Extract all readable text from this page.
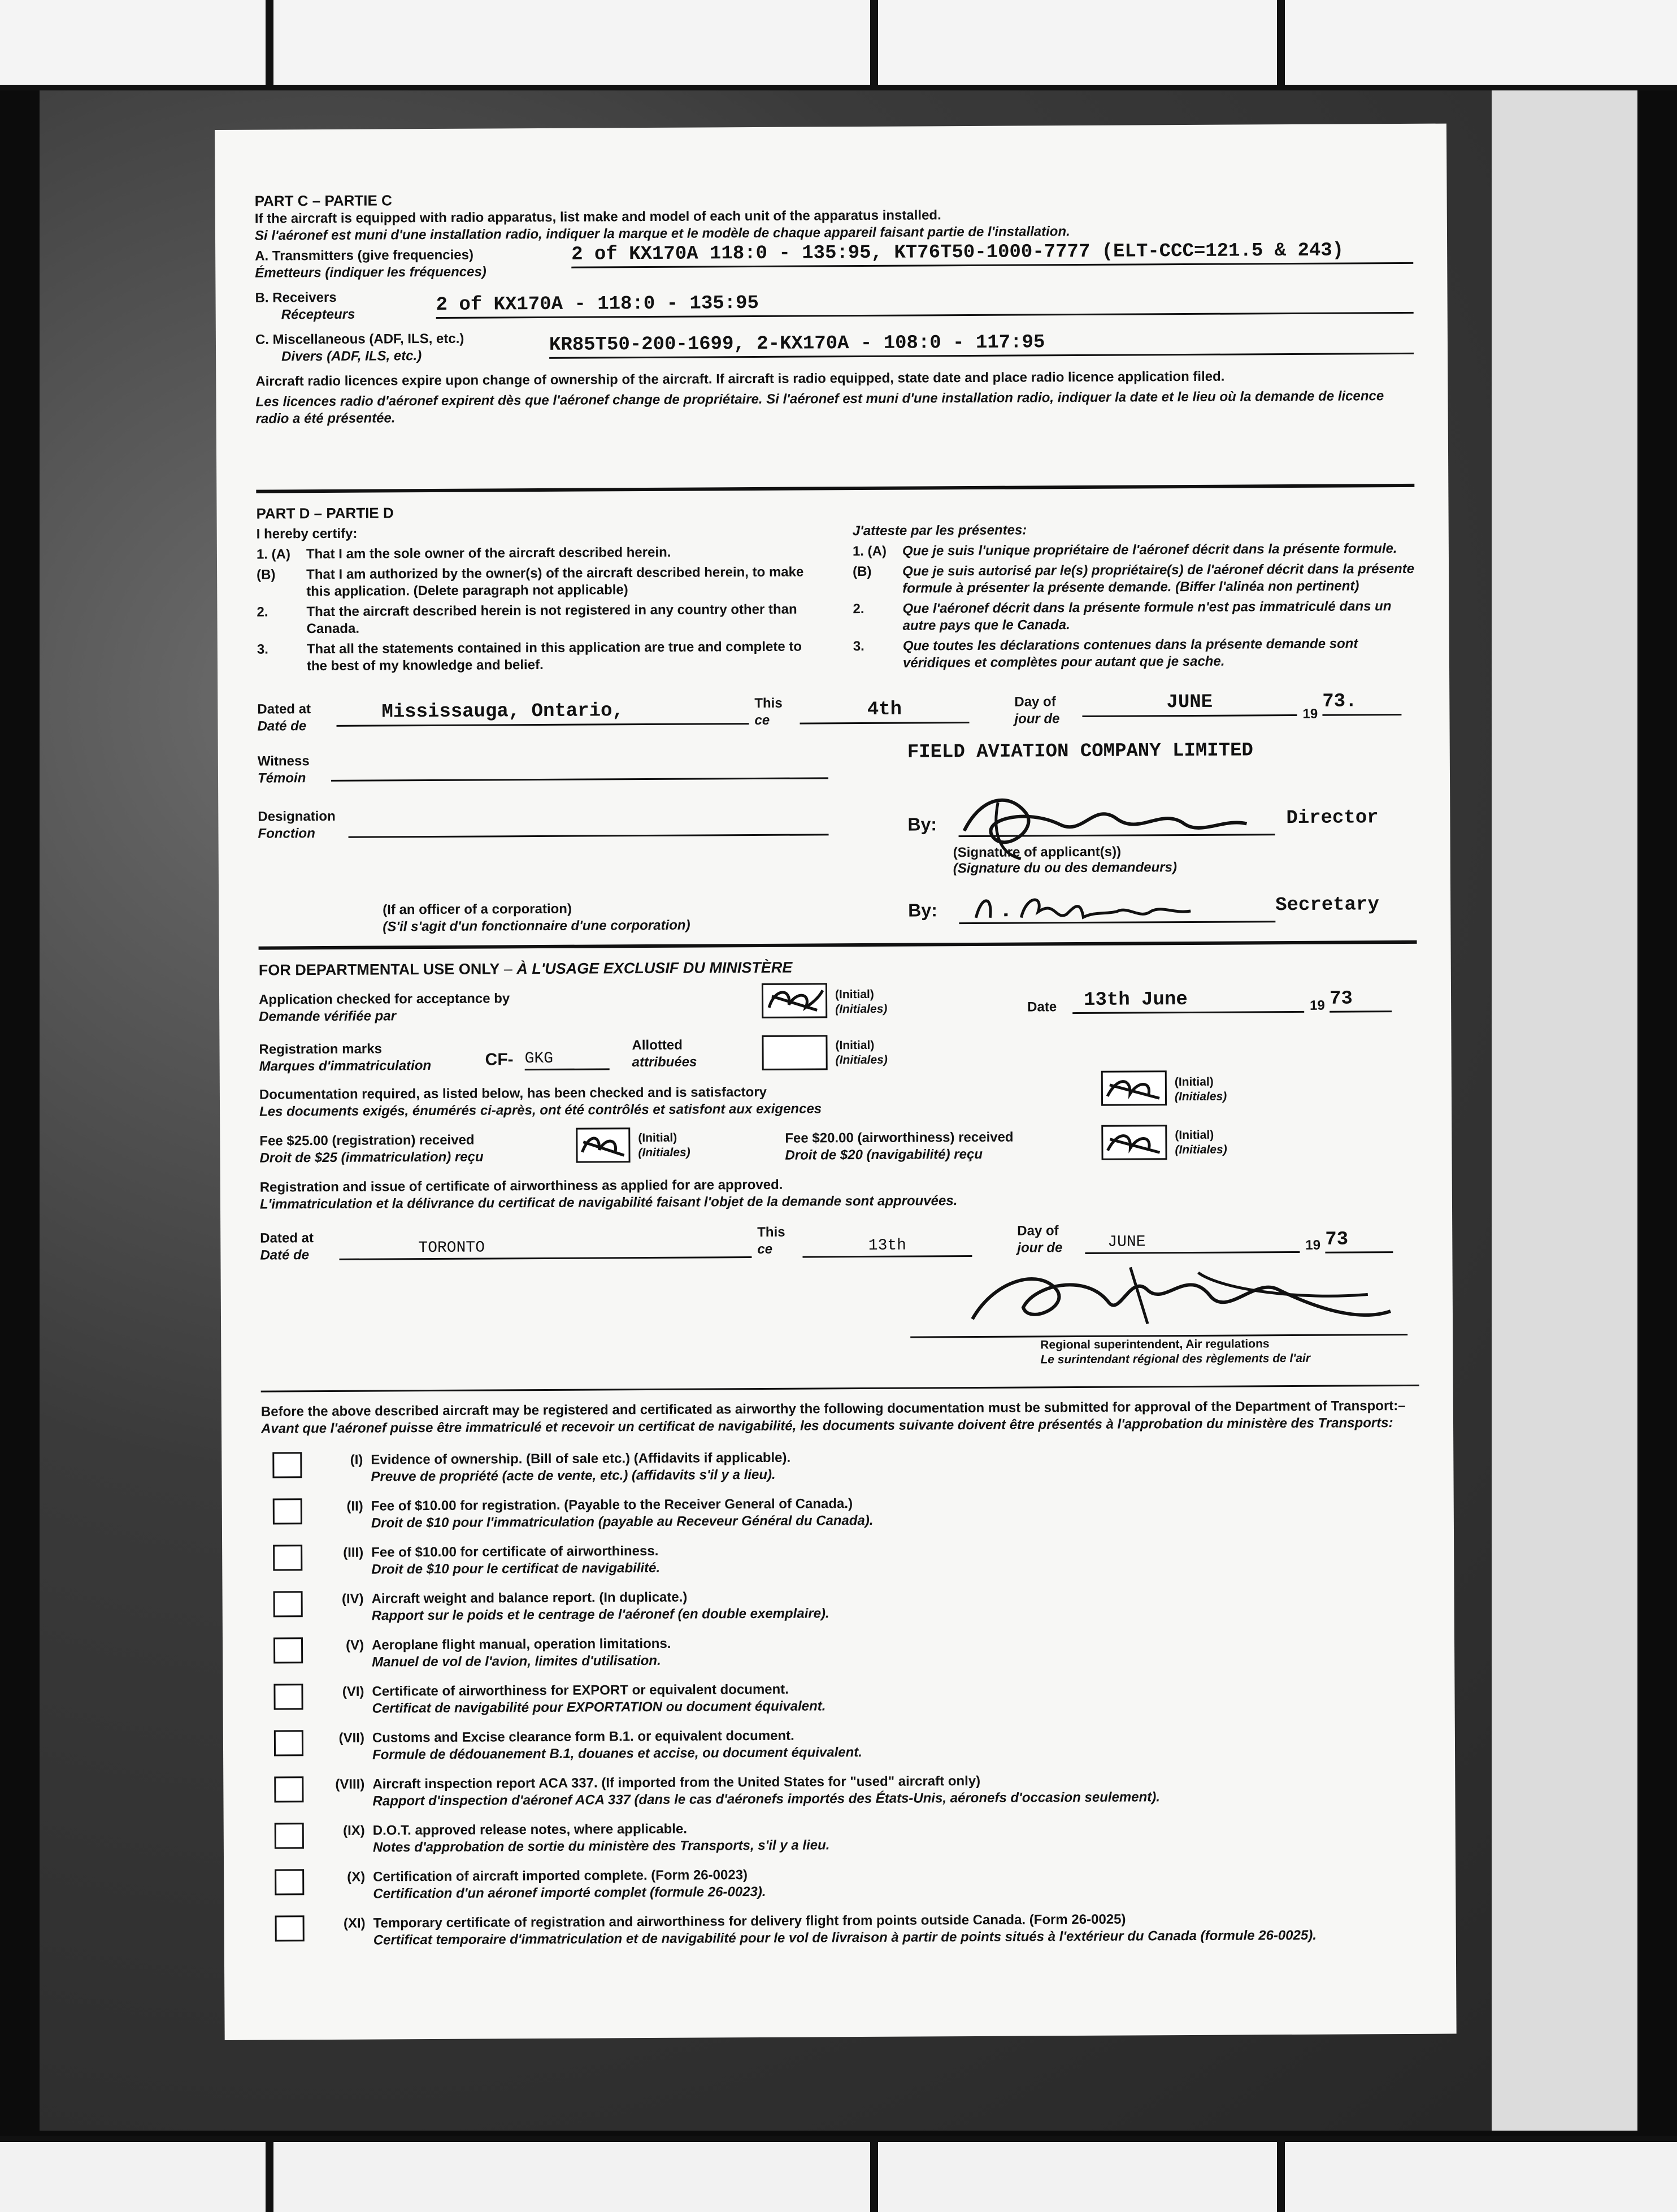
PART C – PARTIE C
If the aircraft is equipped with radio apparatus, list make and model of each unit of the apparatus installed.
Si l'aéronef est muni d'une installation radio, indiquer la marque et le modèle de chaque appareil faisant partie de l'installation.
A. Transmitters (give frequencies)
Émetteurs (indiquer les fréquences)
2 of KX170A 118:0 - 135:95, KT76T50-1000-7777 (ELT-CCC=121.5 & 243)
B. Receivers
Récepteurs	2 of KX170A - 118:0 - 135:95
C. Miscellaneous (ADF, ILS, etc.)
Divers (ADF, ILS, etc.)
KR85T50-200-1699, 2-KX170A - 108:0 - 117:95
Aircraft radio licences expire upon change of ownership of the aircraft. If aircraft is radio equipped, state date and place radio licence application filed.
Les licences radio d'aéronef expirent dès que l'aéronef change de propriétaire. Si l'aéronef est muni d'une installation radio, indiquer la date et le lieu où la demande de licence radio a été présentée.
PART D – PARTIE D
I hereby certify:
1. (A)	That I am the sole owner of the aircraft described herein.
(B)	That I am authorized by the owner(s) of the aircraft described herein, to make this application. (Delete paragraph not applicable)
2.	That the aircraft described herein is not registered in any country other than Canada.
3.	That all the statements contained in this application are true and complete to the best of my knowledge and belief.
J'atteste par les présentes:
1. (A)	Que je suis l'unique propriétaire de l'aéronef décrit dans la présente formule.
(B)	Que je suis autorisé par le(s) propriétaire(s) de l'aéronef décrit dans la présente formule à présenter la présente demande. (Biffer l'alinéa non pertinent)
2.	Que l'aéronef décrit dans la présente formule n'est pas immatriculé dans un autre pays que le Canada.
3.	Que toutes les déclarations contenues dans la présente demande sont véridiques et complètes pour autant que je sache.
Dated at
Daté de
Mississauga, Ontario,	This
ce	4th	Day of
jour de
JUNE
19
73.
Witness
Témoin
FIELD AVIATION COMPANY LIMITED
Designation
Fonction	By:	Director
(Signature of applicant(s))
(Signature du ou des demandeurs)
(If an officer of a corporation)
(S'il s'agit d'un fonctionnaire d'une corporation)
By:	Secretary
FOR DEPARTMENTAL USE ONLY – À L'USAGE EXCLUSIF DU MINISTÈRE
Application checked for acceptance by
Demande vérifiée par
(Initial)
(Initiales)	Date	13th June	19 73
Registration marks
Marques d'immatriculation	CF- GKG
Allotted
attribuées
(Initial)
(Initiales)
Documentation required, as listed below, has been checked and is satisfactory
Les documents exigés, énumérés ci-après, ont été contrôlés et satisfont aux exigences
(Initial)
(Initiales)
Fee $25.00 (registration) received
Droit de $25 (immatriculation) reçu
(Initial)
(Initiales)
Fee $20.00 (airworthiness) received
Droit de $20 (navigabilité) reçu
(Initial)
(Initiales)
Registration and issue of certificate of airworthiness as applied for are approved.
L'immatriculation et la délivrance du certificat de navigabilité faisant l'objet de la demande sont approuvées.
Dated at
Daté de	TORONTO
This
ce	13th
Day of
jour de	JUNE	19 73
Regional superintendent, Air regulations
Le surintendant régional des règlements de l'air
Before the above described aircraft may be registered and certificated as airworthy the following documentation must be submitted for approval of the Department of Transport:–
Avant que l'aéronef puisse être immatriculé et recevoir un certificat de navigabilité, les documents suivante doivent être présentés à l'approbation du ministère des Transports:
(I) Evidence of ownership. (Bill of sale etc.) (Affidavits if applicable).
Preuve de propriété (acte de vente, etc.) (affidavits s'il y a lieu).
(II) Fee of $10.00 for registration. (Payable to the Receiver General of Canada.)
Droit de $10 pour l'immatriculation (payable au Receveur Général du Canada).
(III) Fee of $10.00 for certificate of airworthiness.
Droit de $10 pour le certificat de navigabilité.
(IV) Aircraft weight and balance report. (In duplicate.)
Rapport sur le poids et le centrage de l'aéronef (en double exemplaire).
(V) Aeroplane flight manual, operation limitations.
Manuel de vol de l'avion, limites d'utilisation.
(VI) Certificate of airworthiness for EXPORT or equivalent document.
Certificat de navigabilité pour EXPORTATION ou document équivalent.
(VII) Customs and Excise clearance form B.1. or equivalent document.
Formule de dédouanement B.1, douanes et accise, ou document équivalent.
(VIII) Aircraft inspection report ACA 337. (If imported from the United States for "used" aircraft only)
Rapport d'inspection d'aéronef ACA 337 (dans le cas d'aéronefs importés des États-Unis, aéronefs d'occasion seulement).
(IX) D.O.T. approved release notes, where applicable.
Notes d'approbation de sortie du ministère des Transports, s'il y a lieu.
(X) Certification of aircraft imported complete. (Form 26-0023)
Certification d'un aéronef importé complet (formule 26-0023).
(XI) Temporary certificate of registration and airworthiness for delivery flight from points outside Canada. (Form 26-0025)
Certificat temporaire d'immatriculation et de navigabilité pour le vol de livraison à partir de points situés à l'extérieur du Canada (formule 26-0025).
